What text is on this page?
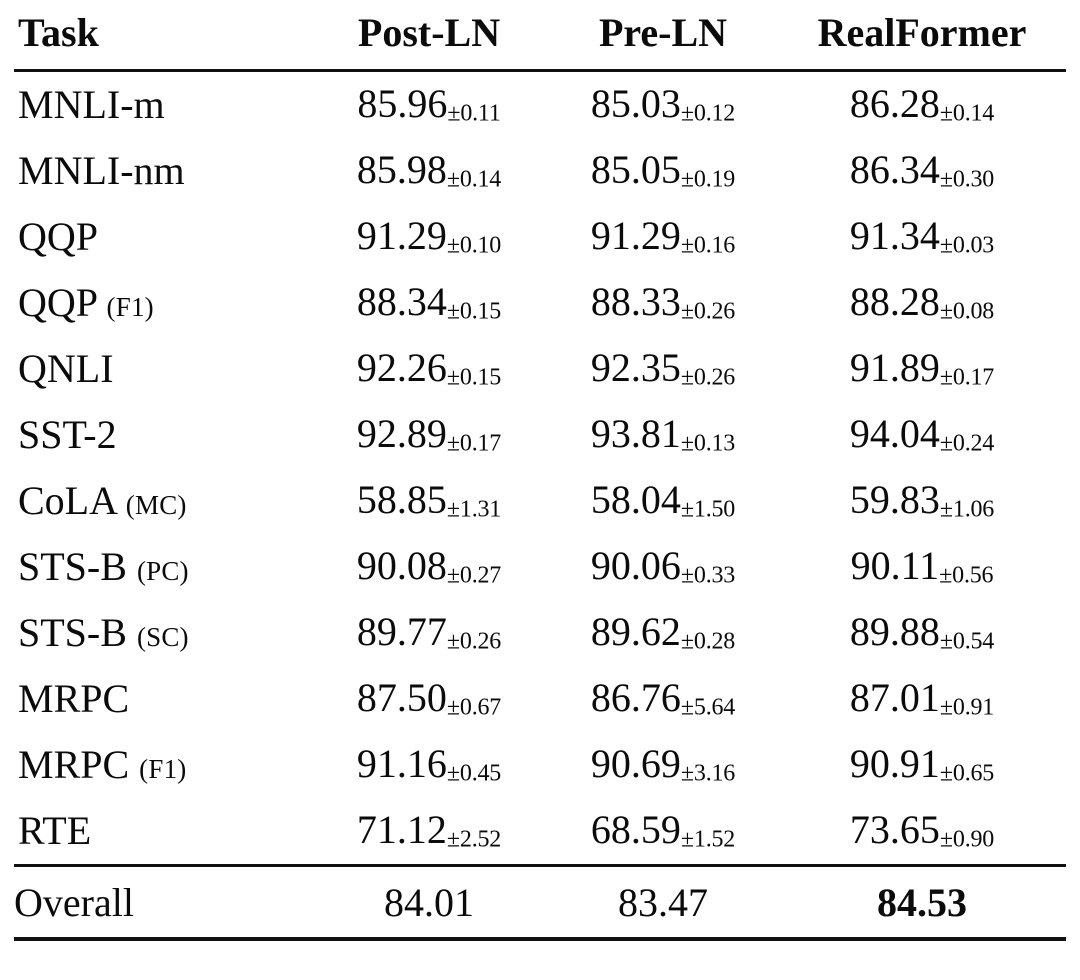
Task	Post-LN	Pre-LN	RealFormer
MNLI-m	85.96±0.11	85.03±0.12	86.28±0.14
MNLI-nm	85.98±0.14	85.05±0.19	86.34±0.30
QQP	91.29±0.10	91.29±0.16	91.34±0.03
QQP (F1)	88.34±0.15	88.33±0.26	88.28±0.08
QNLI	92.26±0.15	92.35±0.26	91.89±0.17
SST-2	92.89±0.17	93.81±0.13	94.04±0.24
CoLA (MC)	58.85±1.31	58.04±1.50	59.83±1.06
STS-B (PC)	90.08±0.27	90.06±0.33	90.11±0.56
STS-B (SC)	89.77±0.26	89.62±0.28	89.88±0.54
MRPC	87.50±0.67	86.76±5.64	87.01±0.91
MRPC (F1)	91.16±0.45	90.69±3.16	90.91±0.65
RTE	71.12±2.52	68.59±1.52	73.65±0.90
Overall	84.01	83.47	84.53
